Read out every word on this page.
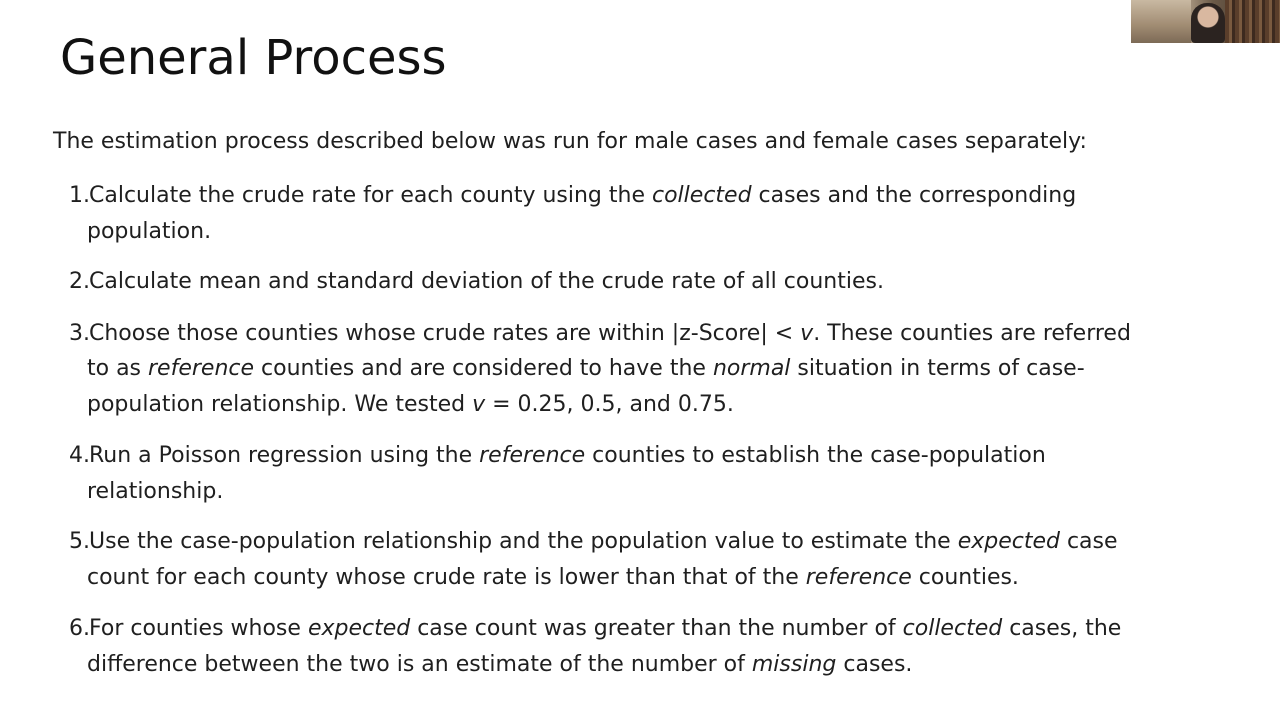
General Process
The estimation process described below was run for male cases and female cases separately:
1. Calculate the crude rate for each county using the collected cases and the corresponding
population.
2. Calculate mean and standard deviation of the crude rate of all counties.
3. Choose those counties whose crude rates are within |z-Score| < v. These counties are referred
to as reference counties and are considered to have the normal situation in terms of case-
population relationship. We tested v = 0.25, 0.5, and 0.75.
4. Run a Poisson regression using the reference counties to establish the case-population
relationship.
5. Use the case-population relationship and the population value to estimate the expected case
count for each county whose crude rate is lower than that of the reference counties.
6. For counties whose expected case count was greater than the number of collected cases, the
difference between the two is an estimate of the number of missing cases.
